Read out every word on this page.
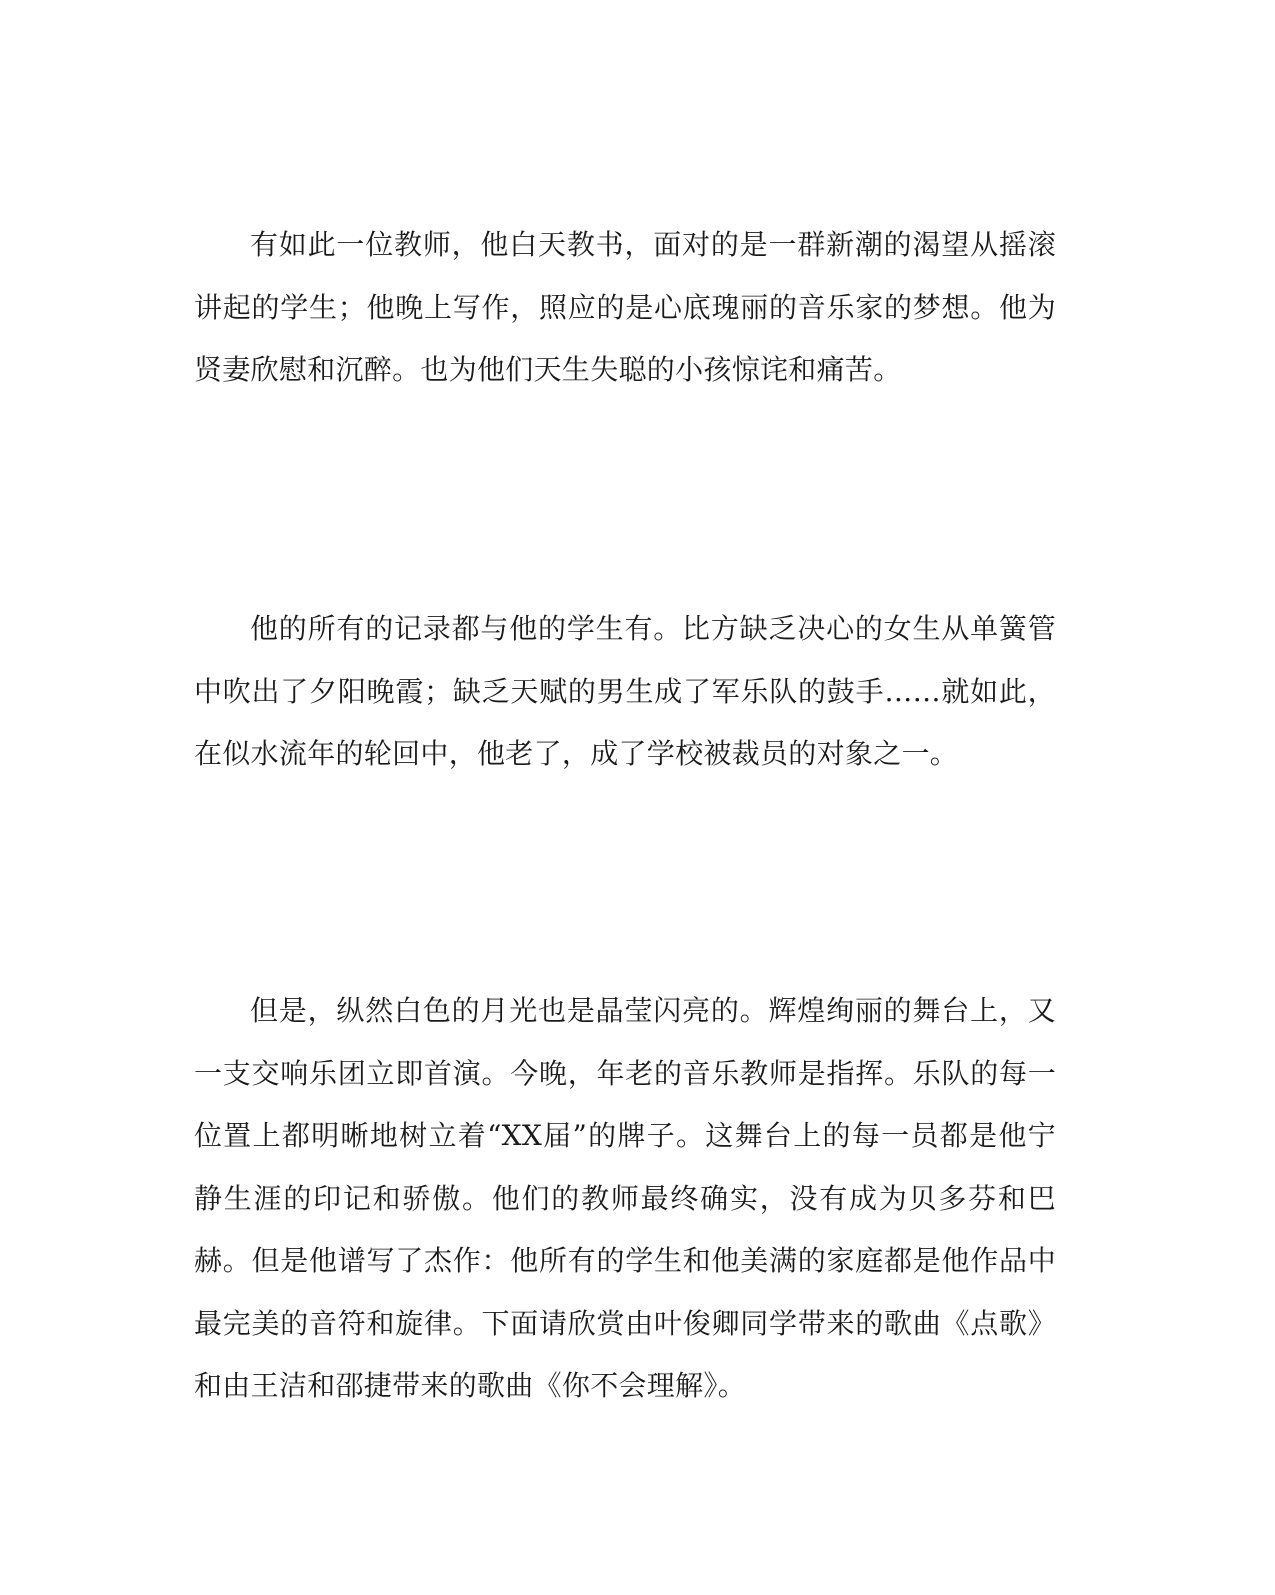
有如此一位教师，他白天教书，面对的是一群新潮的渴望从摇滚讲起的学生；他晚上写作，照应的是心底瑰丽的音乐家的梦想。他为贤妻欣慰和沉醉。也为他们天生失聪的小孩惊诧和痛苦。

他的所有的记录都与他的学生有。比方缺乏决心的女生从单簧管中吹出了夕阳晚霞；缺乏天赋的男生成了军乐队的鼓手……就如此，在似水流年的轮回中，他老了，成了学校被裁员的对象之一。

但是，纵然白色的月光也是晶莹闪亮的。辉煌绚丽的舞台上，又一支交响乐团立即首演。今晚，年老的音乐教师是指挥。乐队的每一位置上都明晰地树立着“XX届”的牌子。这舞台上的每一员都是他宁静生涯的印记和骄傲。他们的教师最终确实，没有成为贝多芬和巴赫。但是他谱写了杰作：他所有的学生和他美满的家庭都是他作品中最完美的音符和旋律。下面请欣赏由叶俊卿同学带来的歌曲《点歌》和由王洁和邵捷带来的歌曲《你不会理解》。
